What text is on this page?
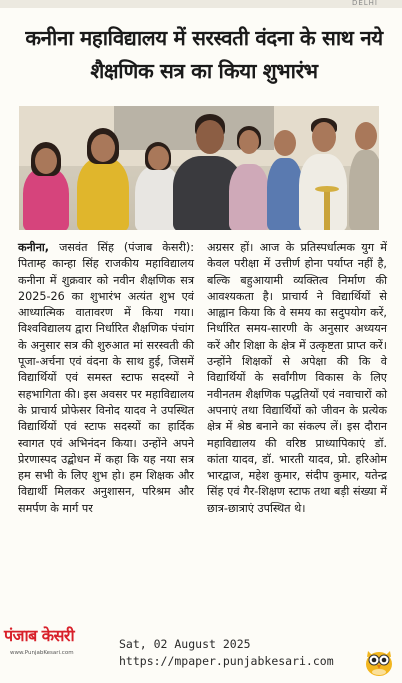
DELHI
कनीना महाविद्यालय में सरस्वती वंदना के साथ नये शैक्षणिक सत्र का किया शुभारंभ

कनीना, जसवंत सिंह (पंजाब केसरी): पिताम्ह कान्हा सिंह राजकीय महाविद्यालय कनीना में शुक्रवार को नवीन शैक्षणिक सत्र 2025-26 का शुभारंभ अत्यंत शुभ एवं आध्यात्मिक वातावरण में किया गया। विश्वविद्यालय द्वारा निर्धारित शैक्षणिक पंचांग के अनुसार सत्र की शुरुआत मां सरस्वती की पूजा-अर्चना एवं वंदना के साथ हुई, जिसमें विद्यार्थियों एवं समस्त स्टाफ सदस्यों ने सहभागिता की। इस अवसर पर महाविद्यालय के प्राचार्य प्रोफेसर विनोद यादव ने उपस्थित विद्यार्थियों एवं स्टाफ सदस्यों का हार्दिक स्वागत एवं अभिनंदन किया। उन्होंने अपने प्रेरणास्पद उद्बोधन में कहा कि यह नया सत्र हम सभी के लिए शुभ हो। हम शिक्षक और विद्यार्थी मिलकर अनुशासन, परिश्रम और समर्पण के मार्ग पर

अग्रसर हों। आज के प्रतिस्पर्धात्मक युग में केवल परीक्षा में उत्तीर्ण होना पर्याप्त नहीं है, बल्कि बहुआयामी व्यक्तित्व निर्माण की आवश्यकता है। प्राचार्य ने विद्यार्थियों से आह्वान किया कि वे समय का सदुपयोग करें, निर्धारित समय-सारणी के अनुसार अध्ययन करें और शिक्षा के क्षेत्र में उत्कृष्टता प्राप्त करें। उन्होंने शिक्षकों से अपेक्षा की कि वे विद्यार्थियों के सर्वांगीण विकास के लिए नवीनतम शैक्षणिक पद्धतियों एवं नवाचारों को अपनाएं तथा विद्यार्थियों को जीवन के प्रत्येक क्षेत्र में श्रेष्ठ बनाने का संकल्प लें। इस दौरान महाविद्यालय की वरिष्ठ प्राध्यापिकाएं डॉ. कांता यादव, डॉ. भारती यादव, प्रो. हरिओम भारद्वाज, महेश कुमार, संदीप कुमार, यतेन्द्र सिंह एवं गैर-शिक्षण स्टाफ तथा बड़ी संख्या में छात्र-छात्राएं उपस्थित थे।

पंजाब केसरी
www.PunjabKesari.com
Sat, 02 August 2025
https://mpaper.punjabkesari.com
